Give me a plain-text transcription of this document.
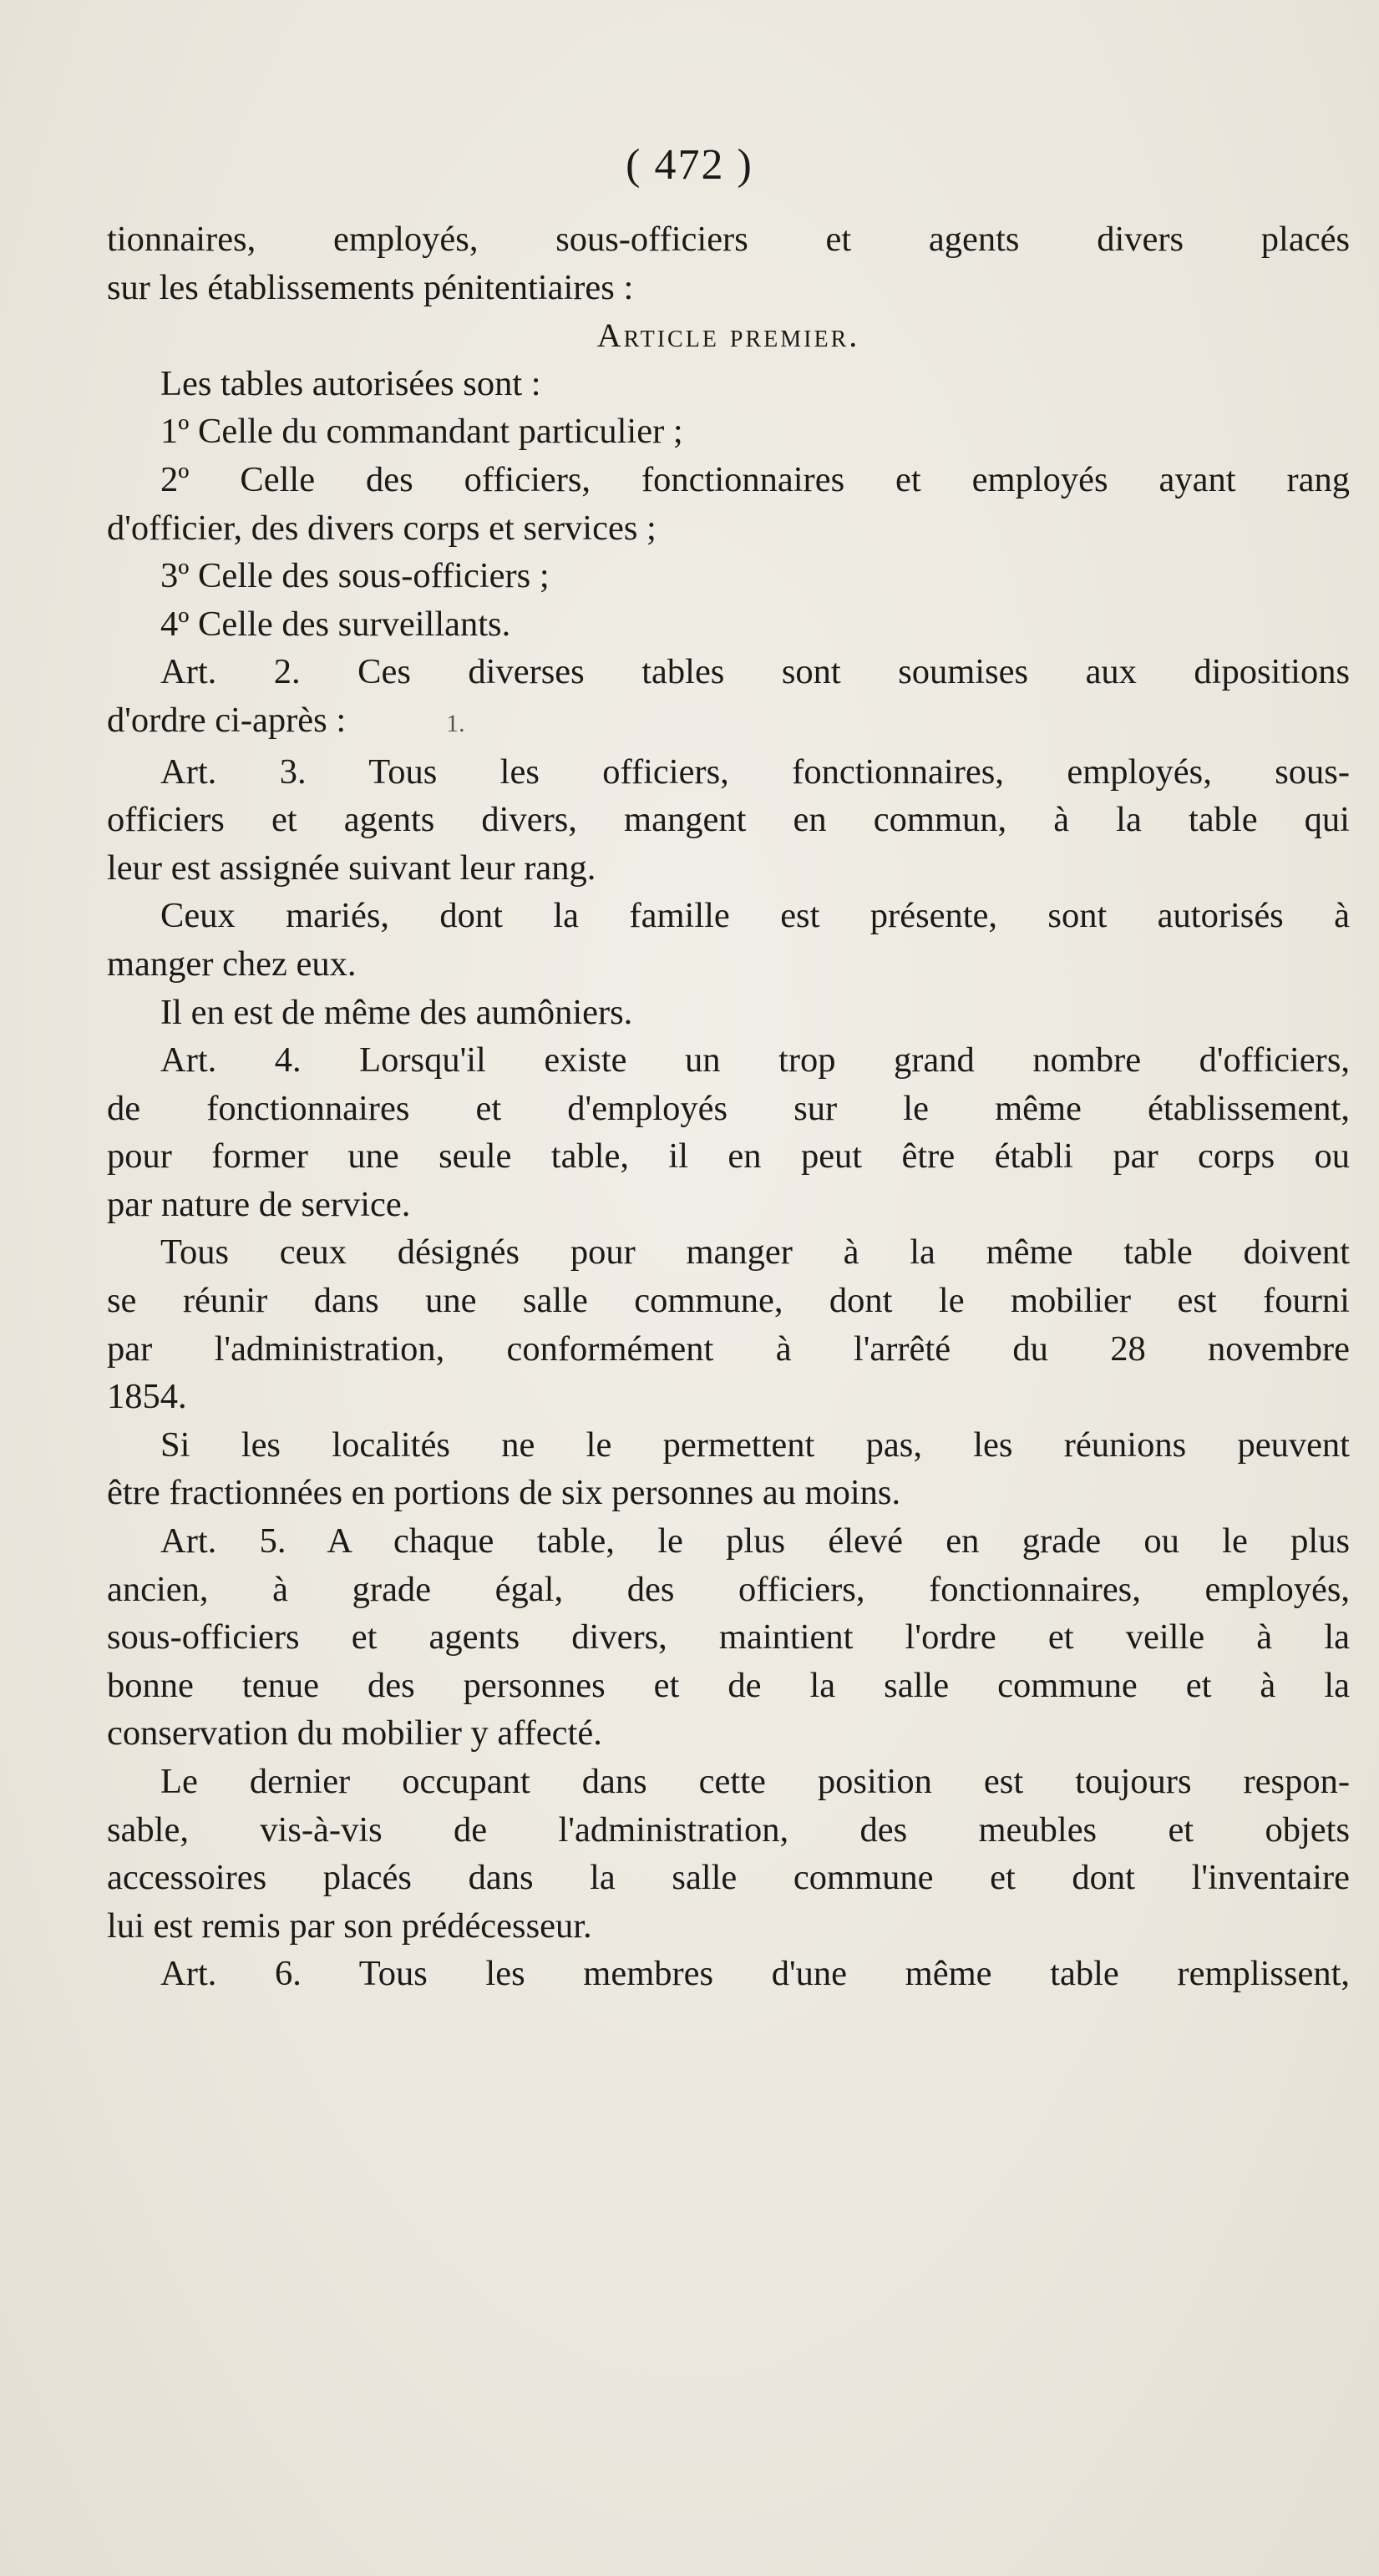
( 472 )
tionnaires, employés, sous-officiers et agents divers placés
sur les établissements pénitentiaires :
Article premier.
Les tables autorisées sont :
1º Celle du commandant particulier ;
2º Celle des officiers, fonctionnaires et employés ayant rang
d'officier, des divers corps et services ;
3º Celle des sous-officiers ;
4º Celle des surveillants.
Art. 2. Ces diverses tables sont soumises aux dipositions
d'ordre ci-après :	1.
Art. 3. Tous les officiers, fonctionnaires, employés, sous-
officiers et agents divers, mangent en commun, à la table qui
leur est assignée suivant leur rang.
Ceux mariés, dont la famille est présente, sont autorisés à
manger chez eux.
Il en est de même des aumôniers.
Art. 4. Lorsqu'il existe un trop grand nombre d'officiers,
de fonctionnaires et d'employés sur le même établissement,
pour former une seule table, il en peut être établi par corps ou
par nature de service.
Tous ceux désignés pour manger à la même table doivent
se réunir dans une salle commune, dont le mobilier est fourni
par l'administration, conformément à l'arrêté du 28 novembre
1854.
Si les localités ne le permettent pas, les réunions peuvent
être fractionnées en portions de six personnes au moins.
Art. 5. A chaque table, le plus élevé en grade ou le plus
ancien, à grade égal, des officiers, fonctionnaires, employés,
sous-officiers et agents divers, maintient l'ordre et veille à la
bonne tenue des personnes et de la salle commune et à la
conservation du mobilier y affecté.
Le dernier occupant dans cette position est toujours respon-
sable, vis-à-vis de l'administration, des meubles et objets
accessoires placés dans la salle commune et dont l'inventaire
lui est remis par son prédécesseur.
Art. 6. Tous les membres d'une même table remplissent,
